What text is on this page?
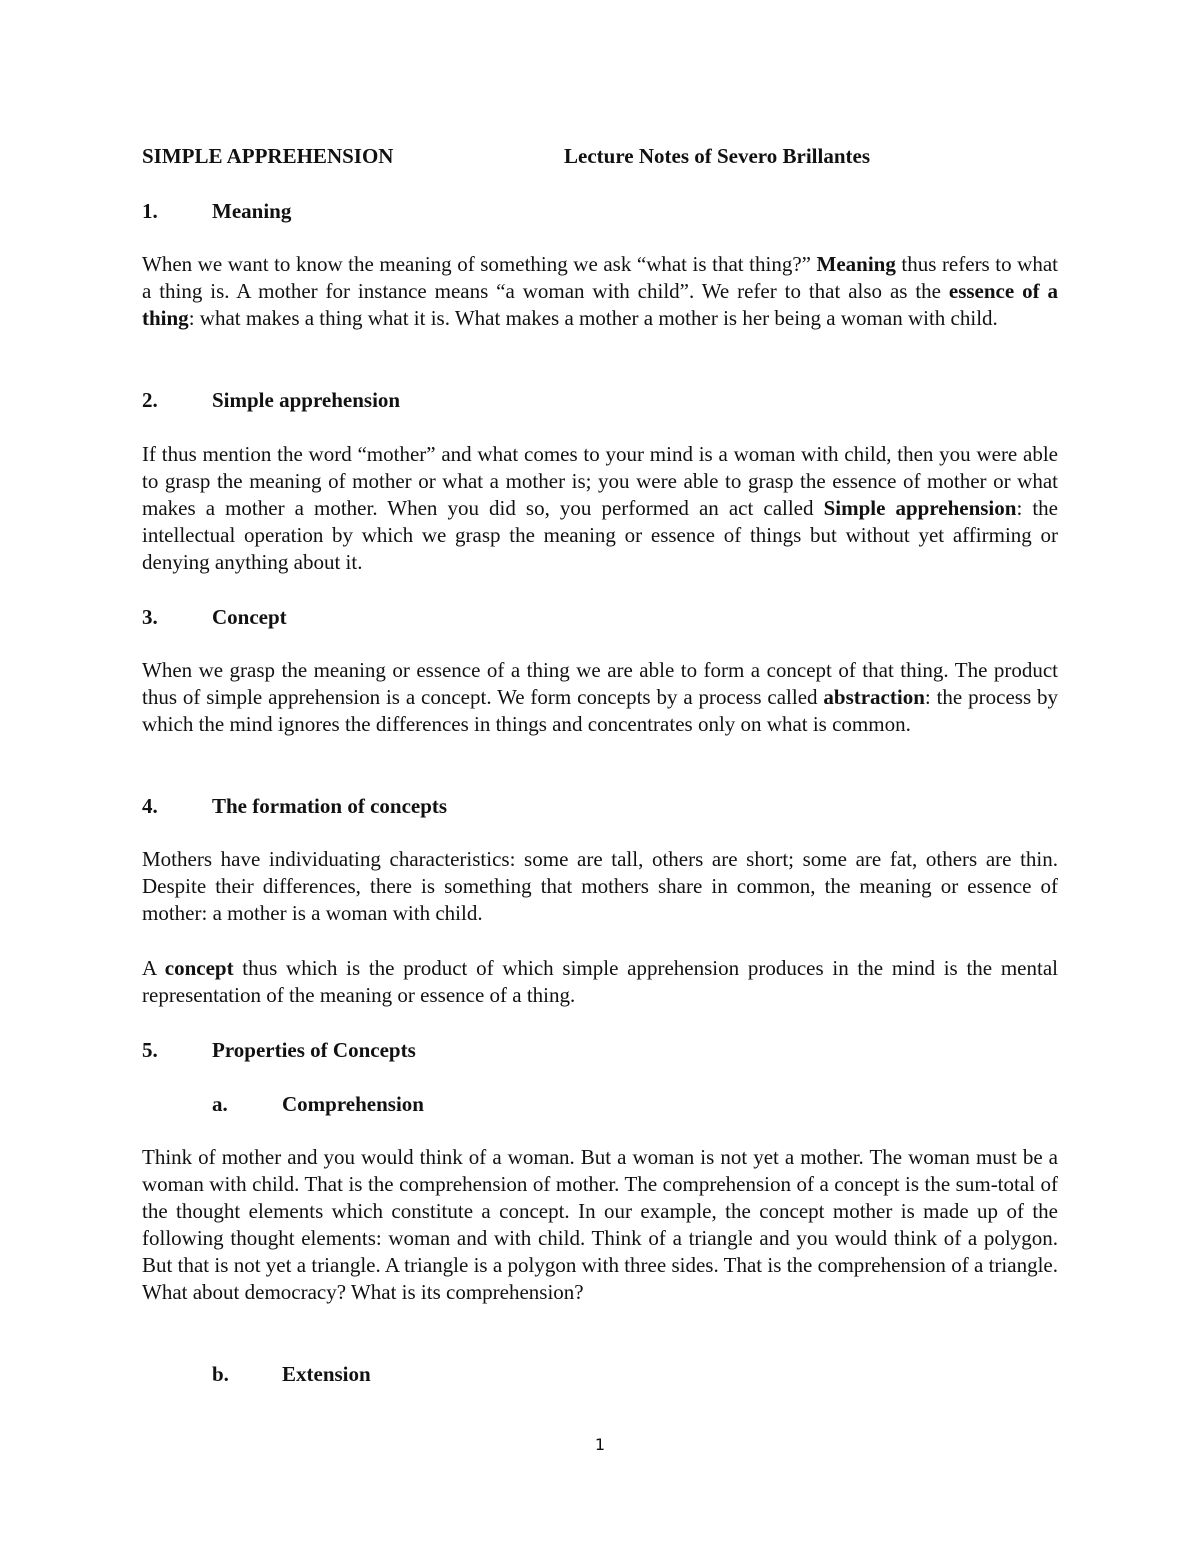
SIMPLE APPREHENSION	Lecture Notes of Severo Brillantes
1.	Meaning
When we want to know the meaning of something we ask “what is that thing?” Meaning thus refers to what a thing is. A mother for instance means “a woman with child”. We refer to that also as the essence of a thing: what makes a thing what it is. What makes a mother a mother is her being a woman with child.
2.	Simple apprehension
If thus mention the word “mother” and what comes to your mind is a woman with child, then you were able to grasp the meaning of mother or what a mother is; you were able to grasp the essence of mother or what makes a mother a mother. When you did so, you performed an act called Simple apprehension: the intellectual operation by which we grasp the meaning or essence of things but without yet affirming or denying anything about it.
3.	Concept
When we grasp the meaning or essence of a thing we are able to form a concept of that thing. The product thus of simple apprehension is a concept. We form concepts by a process called abstraction: the process by which the mind ignores the differences in things and concentrates only on what is common.
4.	The formation of concepts
Mothers have individuating characteristics: some are tall, others are short; some are fat, others are thin. Despite their differences, there is something that mothers share in common, the meaning or essence of mother: a mother is a woman with child.
A concept thus which is the product of which simple apprehension produces in the mind is the mental representation of the meaning or essence of a thing.
5.	Properties of Concepts
a.	Comprehension
Think of mother and you would think of a woman. But a woman is not yet a mother. The woman must be a woman with child. That is the comprehension of mother. The comprehension of a concept is the sum-total of the thought elements which constitute a concept. In our example, the concept mother is made up of the following thought elements: woman and with child. Think of a triangle and you would think of a polygon. But that is not yet a triangle. A triangle is a polygon with three sides. That is the comprehension of a triangle. What about democracy? What is its comprehension?
b.	Extension
1
